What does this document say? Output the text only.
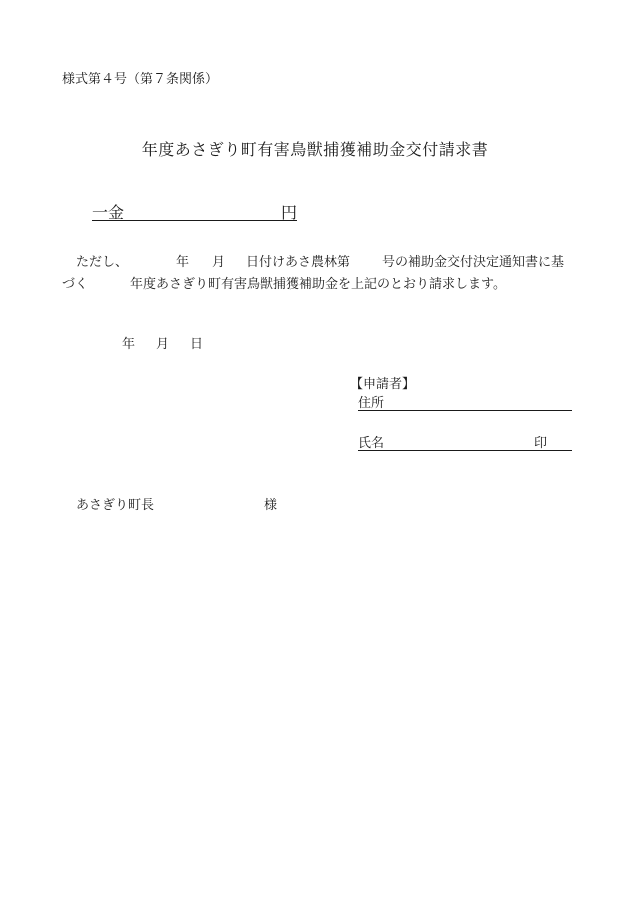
様式第４号（第７条関係）
年度あさぎり町有害鳥獣捕獲補助金交付請求書
一金	円
ただし、	年 月 日付けあさ農林第 号の補助金交付決定通知書に基
づく	年度あさぎり町有害鳥獣捕獲補助金を上記のとおり請求します。
年 月 日
【申請者】
住所
氏名	印
あさぎり町長	様
